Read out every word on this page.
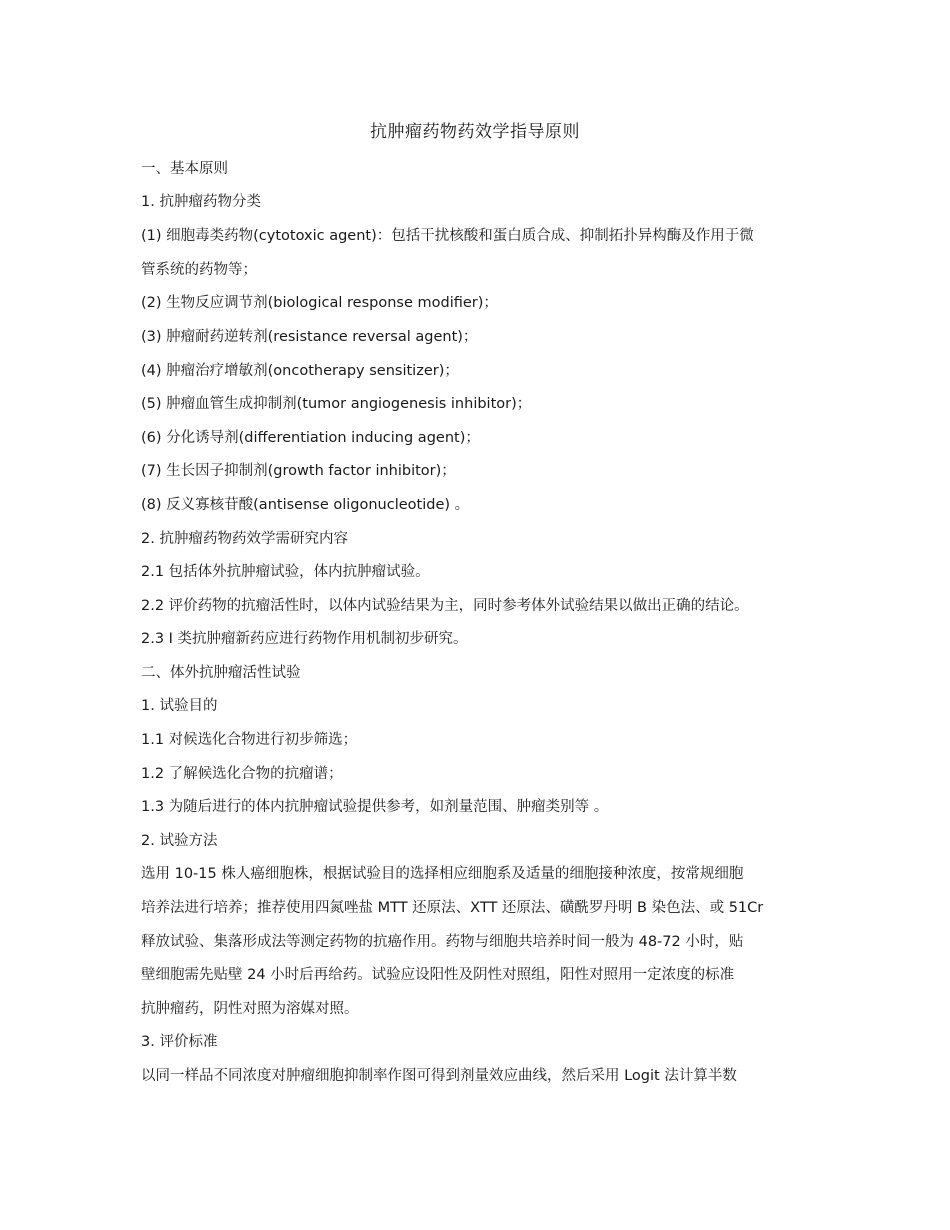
抗肿瘤药物药效学指导原则
一、基本原则
1. 抗肿瘤药物分类
(1) 细胞毒类药物(cytotoxic agent)：包括干扰核酸和蛋白质合成、抑制拓扑异构酶及作用于微
管系统的药物等；
(2) 生物反应调节剂(biological response modifier)；
(3) 肿瘤耐药逆转剂(resistance reversal agent)；
(4) 肿瘤治疗增敏剂(oncotherapy sensitizer)；
(5) 肿瘤血管生成抑制剂(tumor angiogenesis inhibitor)；
(6) 分化诱导剂(differentiation inducing agent)；
(7) 生长因子抑制剂(growth factor inhibitor)；
(8) 反义寡核苷酸(antisense oligonucleotide) 。
2. 抗肿瘤药物药效学需研究内容
2.1 包括体外抗肿瘤试验，体内抗肿瘤试验。
2.2 评价药物的抗瘤活性时，以体内试验结果为主，同时参考体外试验结果以做出正确的结论。
2.3 I 类抗肿瘤新药应进行药物作用机制初步研究。
二、体外抗肿瘤活性试验
1. 试验目的
1.1 对候选化合物进行初步筛选；
1.2 了解候选化合物的抗瘤谱；
1.3 为随后进行的体内抗肿瘤试验提供参考，如剂量范围、肿瘤类别等 。
2. 试验方法
选用 10-15 株人癌细胞株，根据试验目的选择相应细胞系及适量的细胞接种浓度，按常规细胞
培养法进行培养；推荐使用四氮唑盐 MTT 还原法、XTT 还原法、磺酰罗丹明 B 染色法、或 51Cr
释放试验、集落形成法等测定药物的抗癌作用。药物与细胞共培养时间一般为 48-72 小时，贴
壁细胞需先贴壁 24 小时后再给药。试验应设阳性及阴性对照组，阳性对照用一定浓度的标准
抗肿瘤药，阴性对照为溶媒对照。
3. 评价标准
以同一样品不同浓度对肿瘤细胞抑制率作图可得到剂量效应曲线，然后采用 Logit 法计算半数
